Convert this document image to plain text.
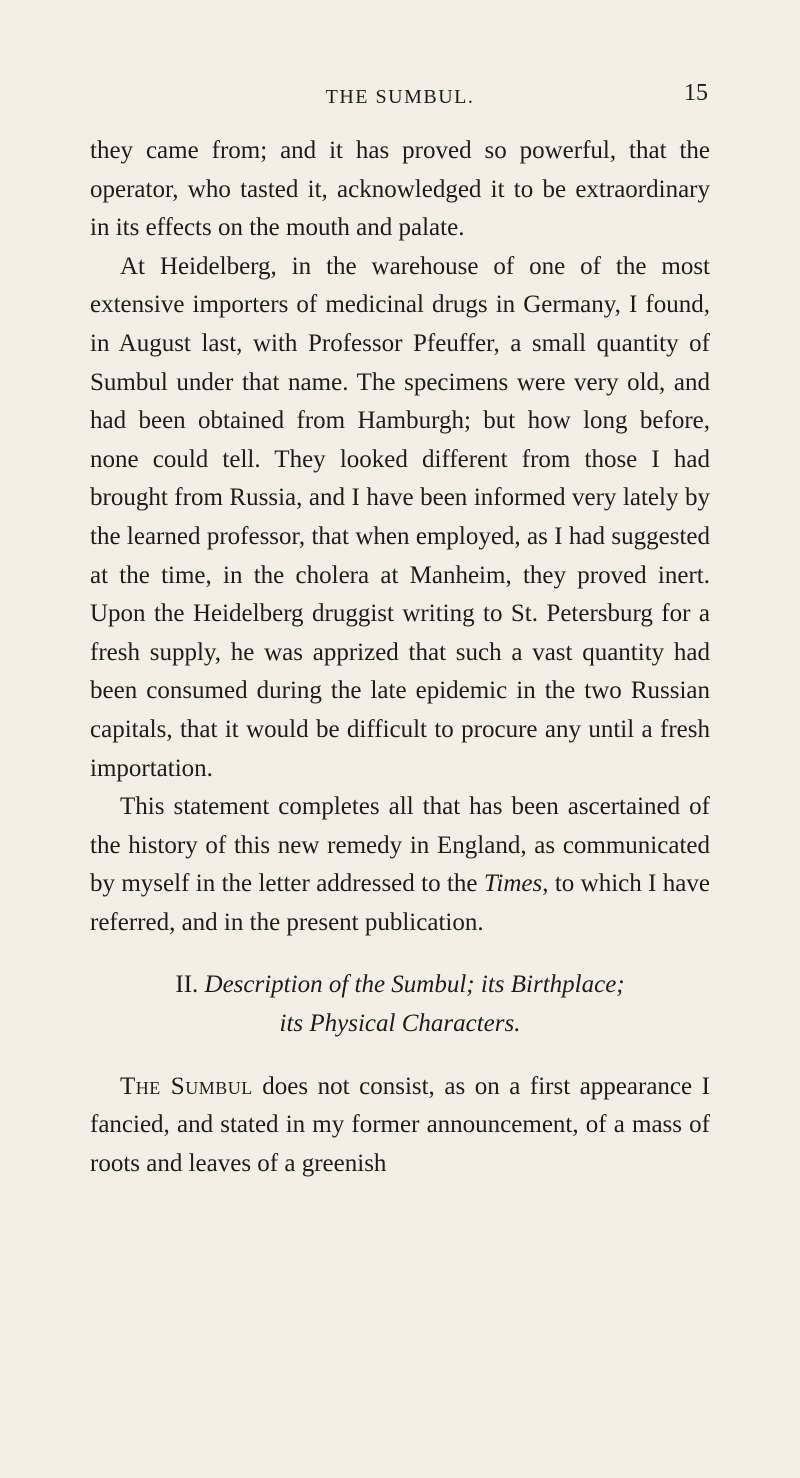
THE SUMBUL.	15

they came from; and it has proved so powerful, that the operator, who tasted it, acknowledged it to be extraordinary in its effects on the mouth and palate.

At Heidelberg, in the warehouse of one of the most extensive importers of medicinal drugs in Germany, I found, in August last, with Professor Pfeuffer, a small quantity of Sumbul under that name. The specimens were very old, and had been obtained from Hamburgh; but how long before, none could tell. They looked different from those I had brought from Russia, and I have been informed very lately by the learned professor, that when employed, as I had suggested at the time, in the cholera at Manheim, they proved inert. Upon the Heidelberg druggist writing to St. Petersburg for a fresh supply, he was apprized that such a vast quantity had been consumed during the late epidemic in the two Russian capitals, that it would be difficult to procure any until a fresh importation.

This statement completes all that has been ascertained of the history of this new remedy in England, as communicated by myself in the letter addressed to the Times, to which I have referred, and in the present publication.

II. Description of the Sumbul; its Birthplace;
its Physical Characters.

The Sumbul does not consist, as on a first appearance I fancied, and stated in my former announcement, of a mass of roots and leaves of a greenish
